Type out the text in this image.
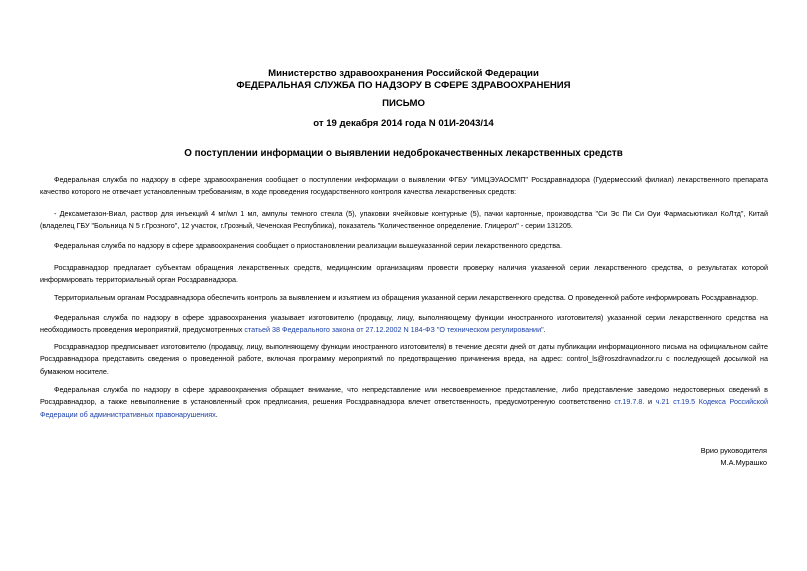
Министерство здравоохранения Российской Федерации
ФЕДЕРАЛЬНАЯ СЛУЖБА ПО НАДЗОРУ В СФЕРЕ ЗДРАВООХРАНЕНИЯ
ПИСЬМО
от 19 декабря 2014 года N 01И-2043/14
О поступлении информации о выявлении недоброкачественных лекарственных средств

Федеральная служба по надзору в сфере здравоохранения сообщает о поступлении информации о выявлении ФГБУ "ИМЦЭУАОСМП" Росздравнадзора (Гудермесский филиал) лекарственного препарата качество которого не отвечает установленным требованиям, в ходе проведения государственного контроля качества лекарственных средств:

- Дексаметазон-Виал, раствор для инъекций 4 мг/мл 1 мл, ампулы темного стекла (5), упаковки ячейковые контурные (5), пачки картонные, производства "Си Эс Пи Си Оуи Фармасьютикал КоЛтд", Китай (владелец ГБУ "Больница N 5 г.Грозного", 12 участок, г.Грозный, Чеченская Республика), показатель "Количественное определение. Глицерол" - серии 131205.

Федеральная служба по надзору в сфере здравоохранения сообщает о приостановлении реализации вышеуказанной серии лекарственного средства.

Росздравнадзор предлагает субъектам обращения лекарственных средств, медицинским организациям провести проверку наличия указанной серии лекарственного средства, о результатах которой информировать территориальный орган Росздравнадзора.

Территориальным органам Росздравнадзора обеспечить контроль за выявлением и изъятием из обращения указанной серии лекарственного средства. О проведенной работе информировать Росздравнадзор.

Федеральная служба по надзору в сфере здравоохранения указывает изготовителю (продавцу, лицу, выполняющему функции иностранного изготовителя) указанной серии лекарственного средства на необходимость проведения мероприятий, предусмотренных статьей 38 Федерального закона от 27.12.2002 N 184-ФЗ "О техническом регулировании".

Росздравнадзор предписывает изготовителю (продавцу, лицу, выполняющему функции иностранного изготовителя) в течение десяти дней от даты публикации информационного письма на официальном сайте Росздравнадзора представить сведения о проведенной работе, включая программу мероприятий по предотвращению причинения вреда, на адрес: control_ls@roszdravnadzor.ru с последующей досылкой на бумажном носителе.

Федеральная служба по надзору в сфере здравоохранения обращает внимание, что непредставление или несвоевременное представление, либо представление заведомо недостоверных сведений в Росздравнадзор, а также невыполнение в установленный срок предписания, решения Росздравнадзора влечет ответственность, предусмотренную соответственно ст.19.7.8. и ч.21 ст.19.5 Кодекса Российской Федерации об административных правонарушениях.

Врио руководителя
М.А.Мурашко
